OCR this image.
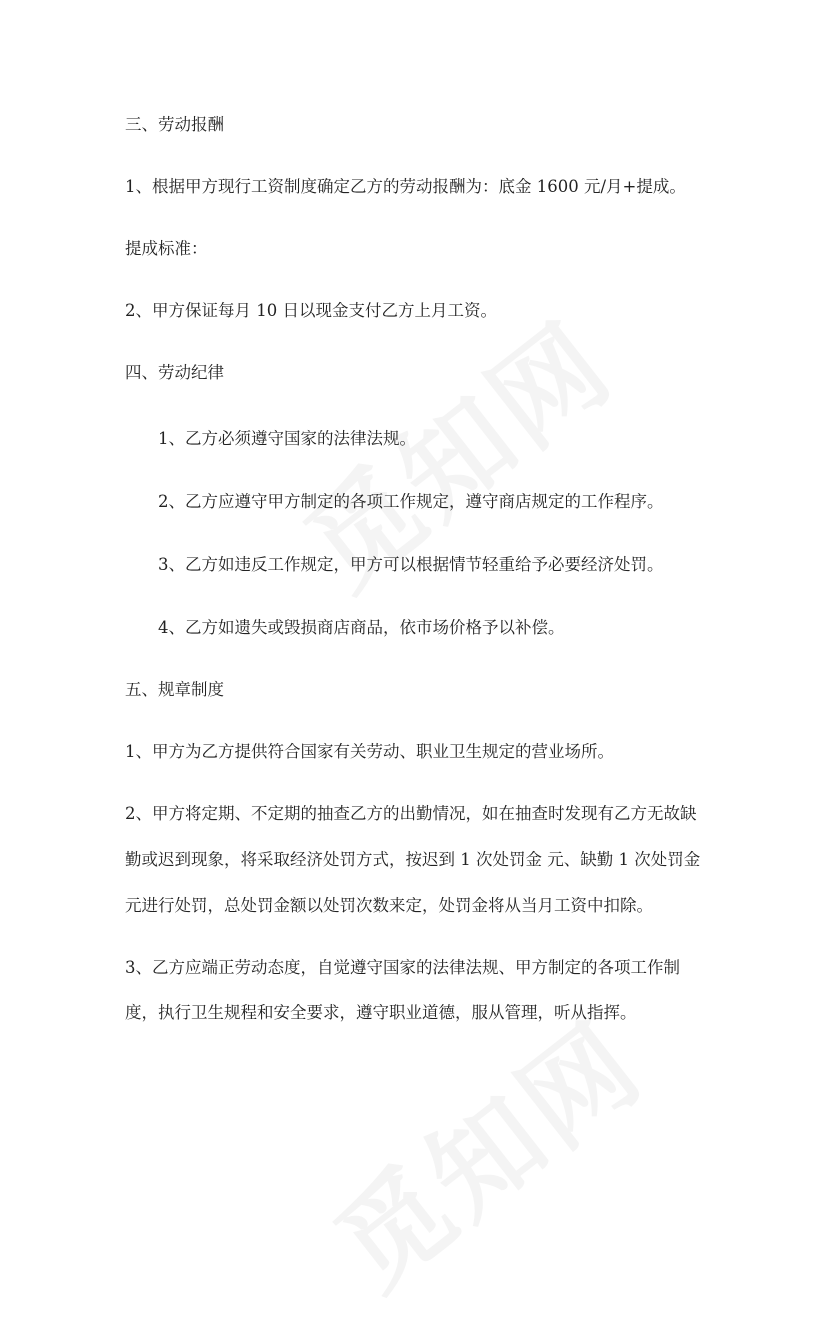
三、劳动报酬
1、根据甲方现行工资制度确定乙方的劳动报酬为：底金 1600 元/月+提成。
提成标准：
2、甲方保证每月 10 日以现金支付乙方上月工资。
四、劳动纪律
1、乙方必须遵守国家的法律法规。
2、乙方应遵守甲方制定的各项工作规定，遵守商店规定的工作程序。
3、乙方如违反工作规定，甲方可以根据情节轻重给予必要经济处罚。
4、乙方如遗失或毁损商店商品，依市场价格予以补偿。
五、规章制度
1、甲方为乙方提供符合国家有关劳动、职业卫生规定的营业场所。
2、甲方将定期、不定期的抽查乙方的出勤情况，如在抽查时发现有乙方无故缺
勤或迟到现象，将采取经济处罚方式，按迟到 1 次处罚金 元、缺勤 1 次处罚金
元进行处罚，总处罚金额以处罚次数来定，处罚金将从当月工资中扣除。
3、乙方应端正劳动态度，自觉遵守国家的法律法规、甲方制定的各项工作制
度，执行卫生规程和安全要求，遵守职业道德，服从管理，听从指挥。
